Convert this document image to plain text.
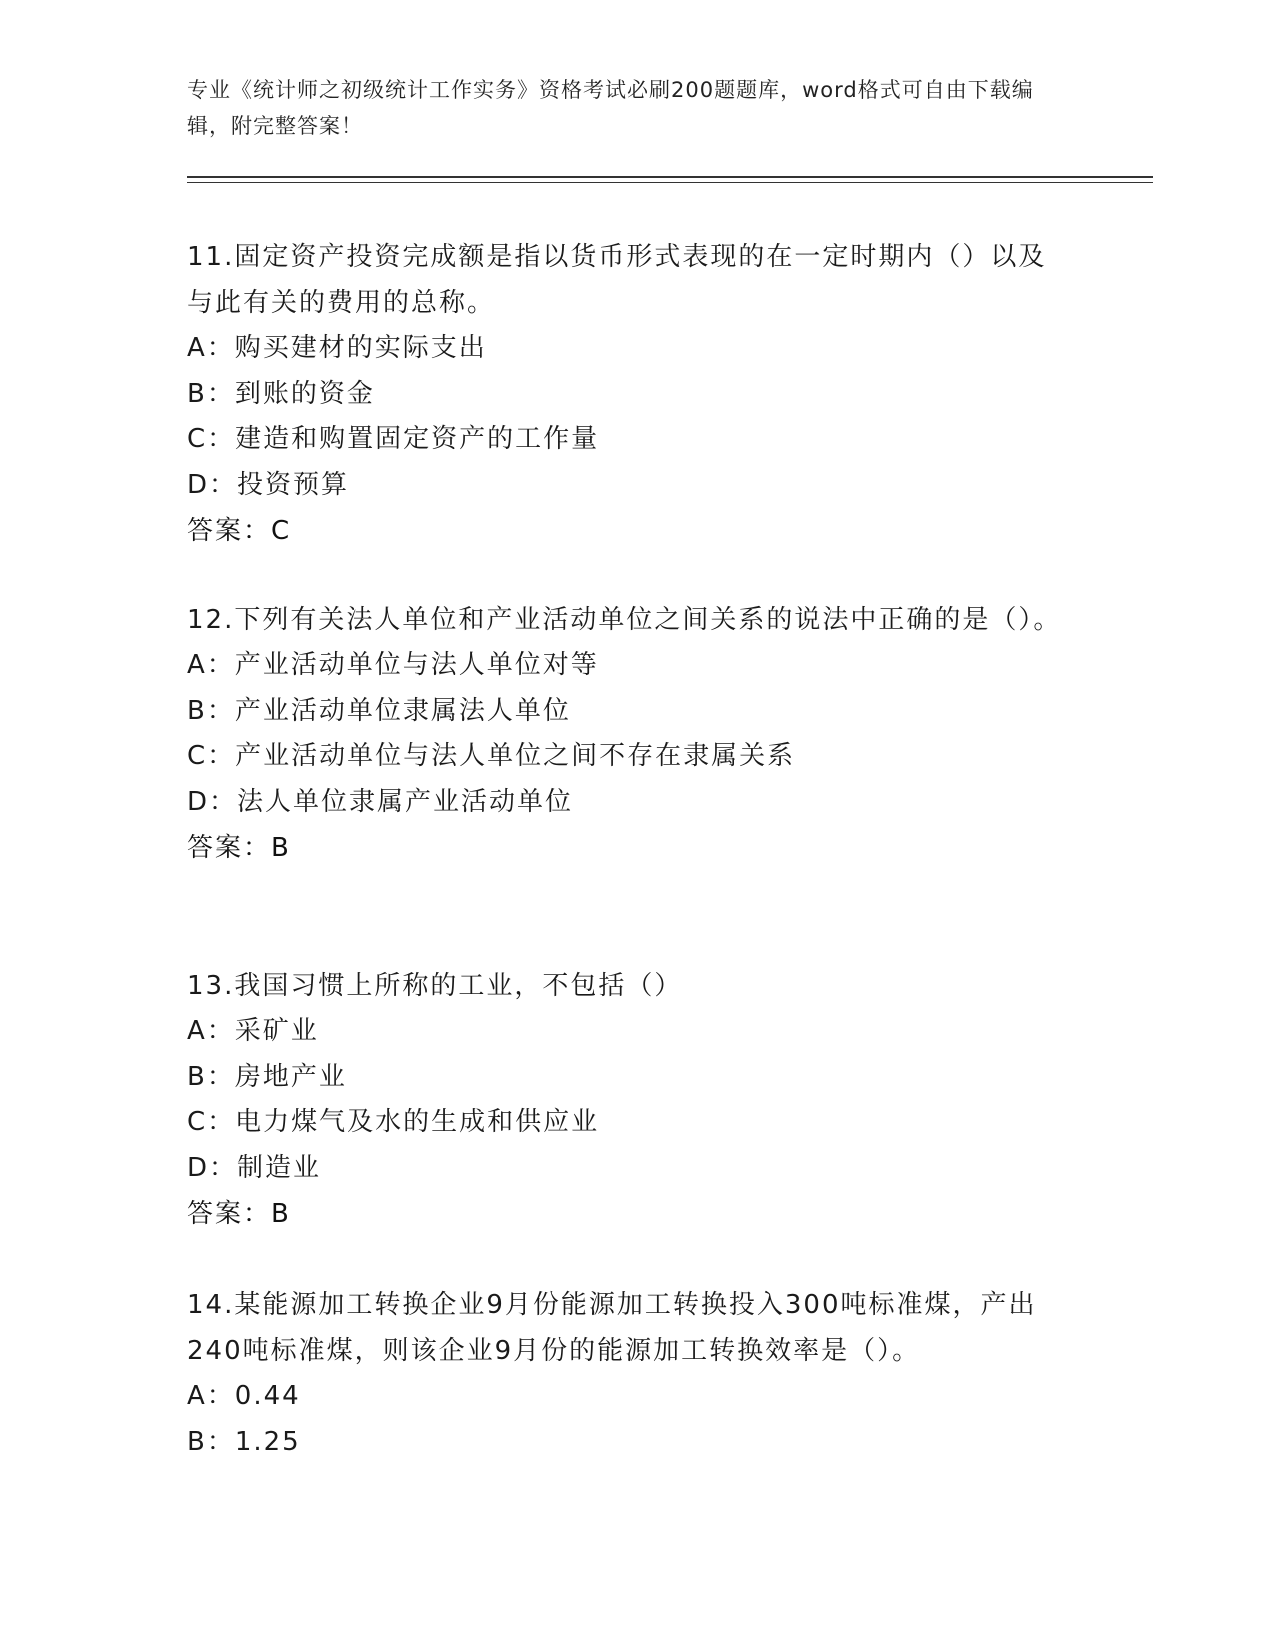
专业《统计师之初级统计工作实务》资格考试必刷200题题库，word格式可自由下载编辑，附完整答案！

11.固定资产投资完成额是指以货币形式表现的在一定时期内（）以及与此有关的费用的总称。

A：购买建材的实际支出

B：到账的资金

C：建造和购置固定资产的工作量

D：投资预算

答案：C

12.下列有关法人单位和产业活动单位之间关系的说法中正确的是（）。

A：产业活动单位与法人单位对等

B：产业活动单位隶属法人单位

C：产业活动单位与法人单位之间不存在隶属关系

D：法人单位隶属产业活动单位

答案：B

13.我国习惯上所称的工业，不包括（）

A：采矿业

B：房地产业

C：电力煤气及水的生成和供应业

D：制造业

答案：B

14.某能源加工转换企业9月份能源加工转换投入300吨标准煤，产出240吨标准煤，则该企业9月份的能源加工转换效率是（）。

A：0.44

B：1.25
